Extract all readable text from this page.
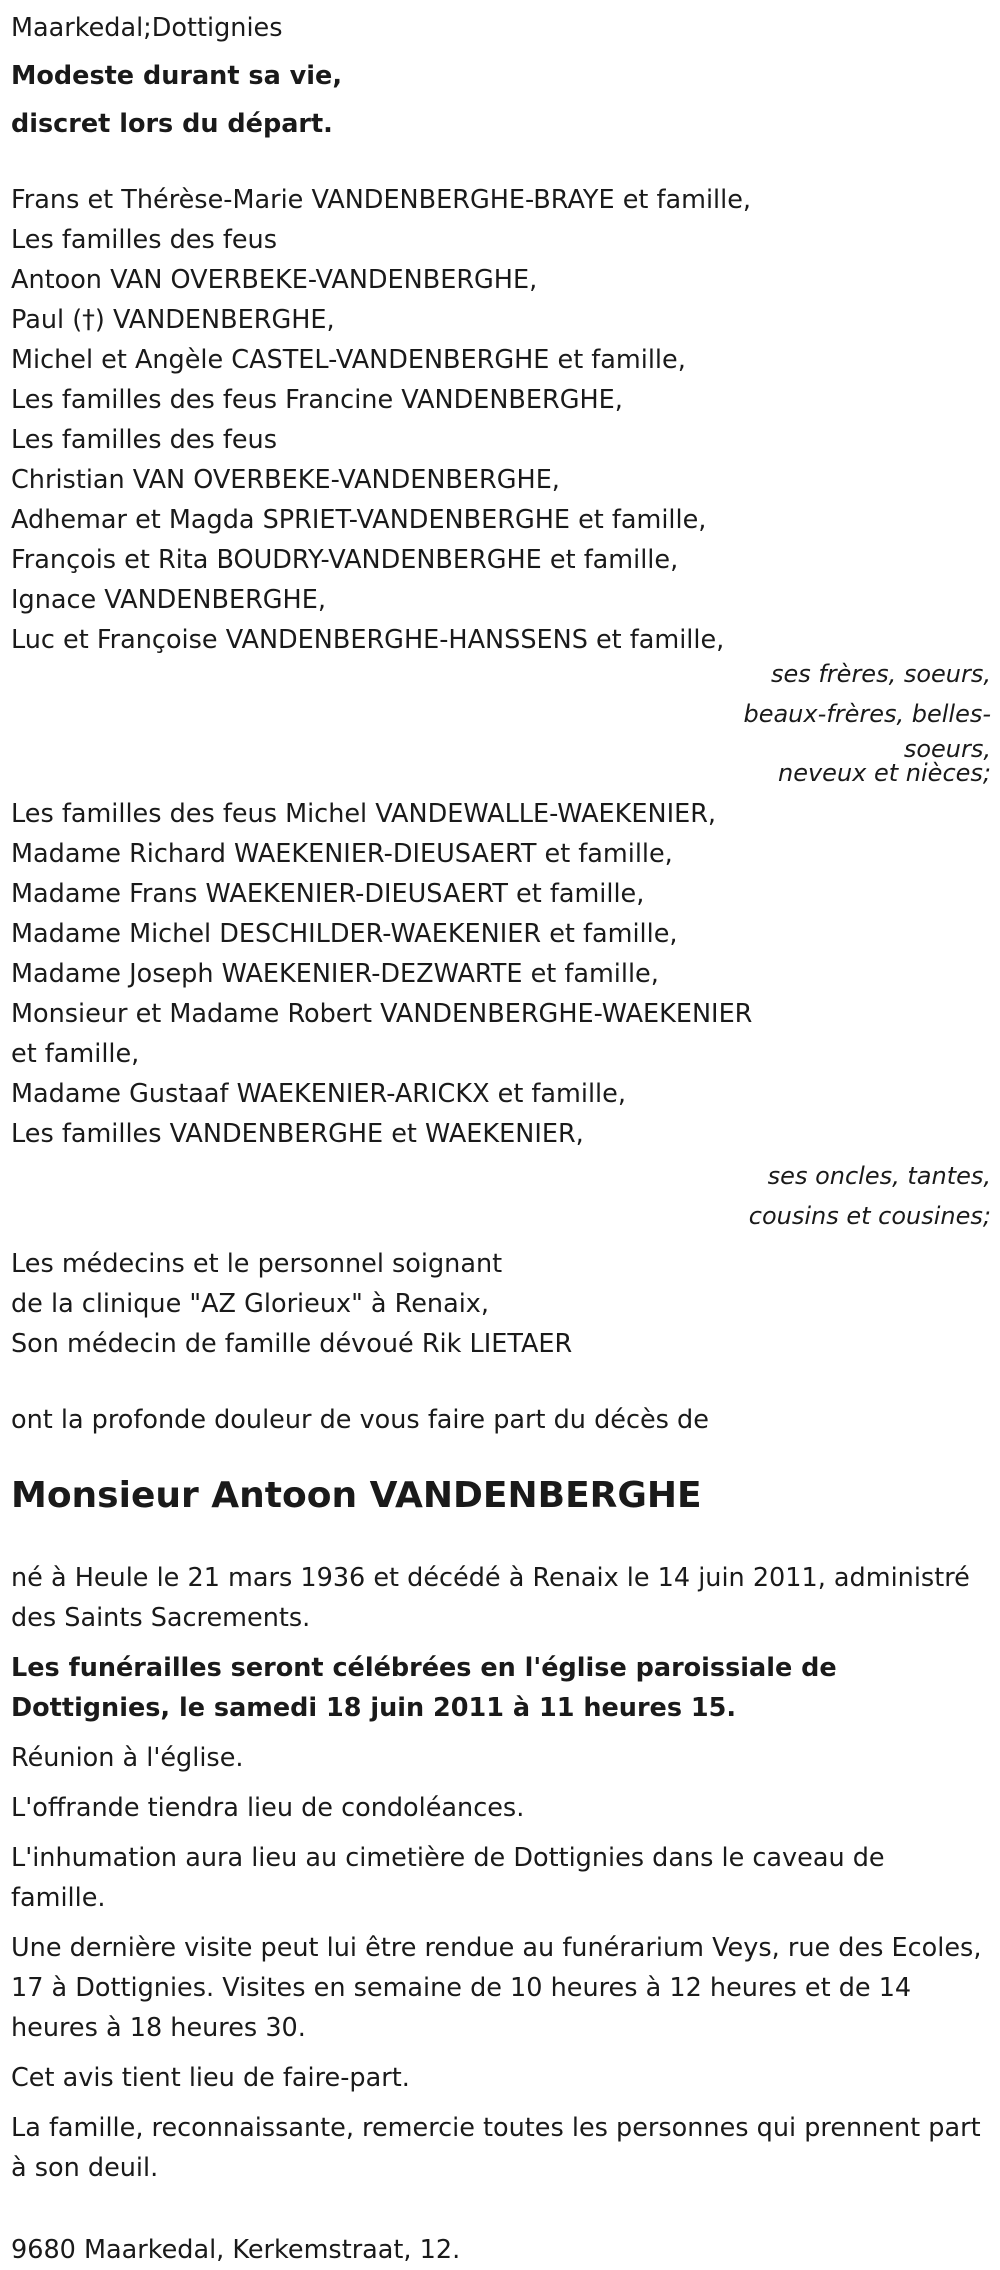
Maarkedal;Dottignies
Modeste durant sa vie,
discret lors du départ.
Frans et Thérèse-Marie VANDENBERGHE-BRAYE et famille,
Les familles des feus
Antoon VAN OVERBEKE-VANDENBERGHE,
Paul (†) VANDENBERGHE,
Michel et Angèle CASTEL-VANDENBERGHE et famille,
Les familles des feus Francine VANDENBERGHE,
Les familles des feus
Christian VAN OVERBEKE-VANDENBERGHE,
Adhemar et Magda SPRIET-VANDENBERGHE et famille,
François et Rita BOUDRY-VANDENBERGHE et famille,
Ignace VANDENBERGHE,
Luc et Françoise VANDENBERGHE-HANSSENS et famille,
ses frères, soeurs,
beaux-frères, belles-
soeurs,
neveux et nièces;
Les familles des feus Michel VANDEWALLE-WAEKENIER,
Madame Richard WAEKENIER-DIEUSAERT et famille,
Madame Frans WAEKENIER-DIEUSAERT et famille,
Madame Michel DESCHILDER-WAEKENIER et famille,
Madame Joseph WAEKENIER-DEZWARTE et famille,
Monsieur et Madame Robert VANDENBERGHE-WAEKENIER
et famille,
Madame Gustaaf WAEKENIER-ARICKX et famille,
Les familles VANDENBERGHE et WAEKENIER,
ses oncles, tantes,
cousins et cousines;
Les médecins et le personnel soignant
de la clinique "AZ Glorieux" à Renaix,
Son médecin de famille dévoué Rik LIETAER
ont la profonde douleur de vous faire part du décès de
Monsieur Antoon VANDENBERGHE
né à Heule le 21 mars 1936 et décédé à Renaix le 14 juin 2011, administré des Saints Sacrements.
Les funérailles seront célébrées en l'église paroissiale de Dottignies, le samedi 18 juin 2011 à 11 heures 15.
Réunion à l'église.
L'offrande tiendra lieu de condoléances.
L'inhumation aura lieu au cimetière de Dottignies dans le caveau de famille.
Une dernière visite peut lui être rendue au funérarium Veys, rue des Ecoles, 17 à Dottignies. Visites en semaine de 10 heures à 12 heures et de 14 heures à 18 heures 30.
Cet avis tient lieu de faire-part.
La famille, reconnaissante, remercie toutes les personnes qui prennent part à son deuil.
9680 Maarkedal, Kerkemstraat, 12.
